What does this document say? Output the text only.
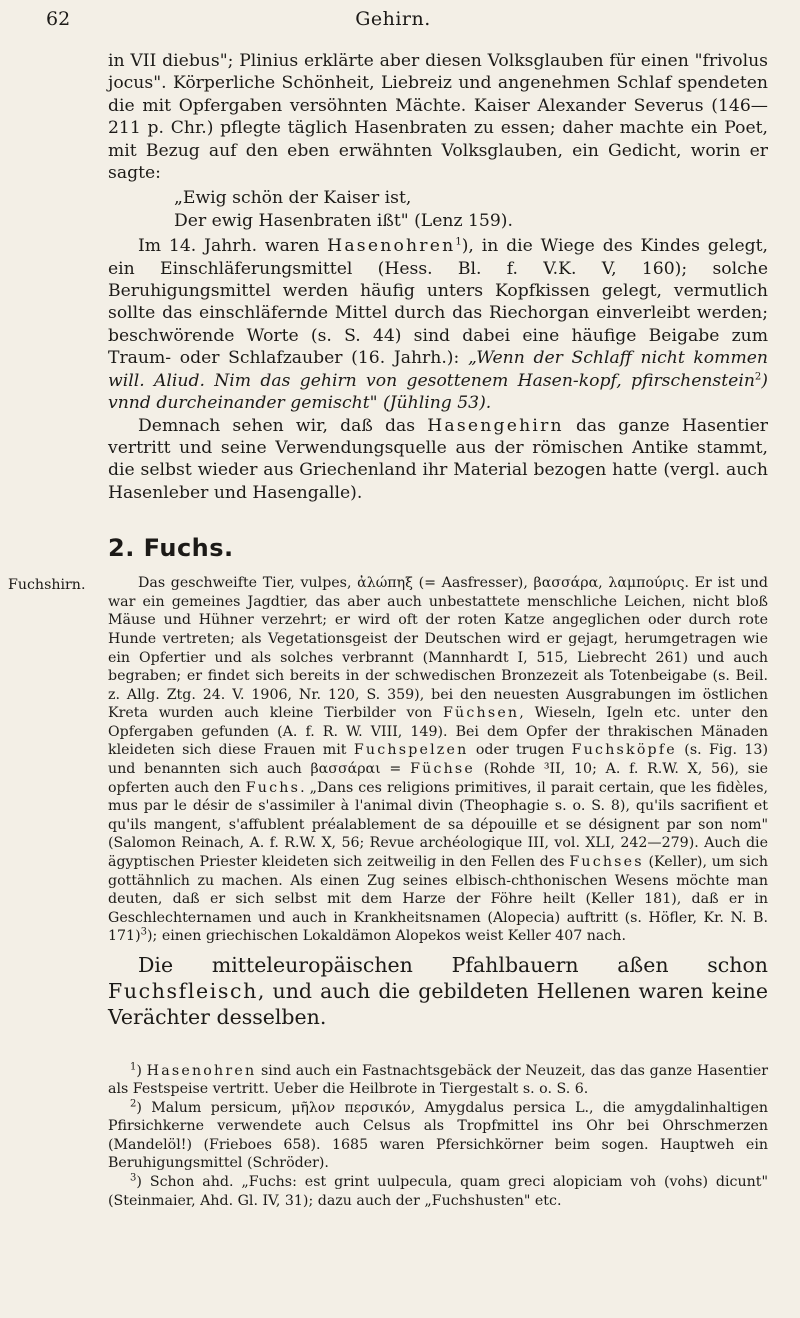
62	Gehirn.

in VII diebus"; Plinius erklärte aber diesen Volksglauben für einen "frivolus jocus". Körperliche Schönheit, Liebreiz und angenehmen Schlaf spendeten die mit Opfergaben versöhnten Mächte. Kaiser Alexander Severus (146—211 p. Chr.) pflegte täglich Hasenbraten zu essen; daher machte ein Poet, mit Bezug auf den eben erwähnten Volksglauben, ein Gedicht, worin er sagte:

„Ewig schön der Kaiser ist,
Der ewig Hasenbraten ißt" (Lenz 159).

Im 14. Jahrh. waren Hasenohren$^1$), in die Wiege des Kindes gelegt, ein Einschläferungsmittel (Hess. Bl. f. V.K. V, 160); solche Beruhigungsmittel werden häufig unters Kopfkissen gelegt, vermutlich sollte das einschläfernde Mittel durch das Riechorgan einverleibt werden; beschwörende Worte (s. S. 44) sind dabei eine häufige Beigabe zum Traum- oder Schlafzauber (16. Jahrh.): „Wenn der Schlaff nicht kommen will. Aliud. Nim das gehirn von gesottenem Hasen-kopf, pfirschenstein$^2$) vnnd durcheinander gemischt" (Jühling 53).

Demnach sehen wir, daß das Hasengehirn das ganze Hasentier vertritt und seine Verwendungsquelle aus der römischen Antike stammt, die selbst wieder aus Griechenland ihr Material bezogen hatte (vergl. auch Hasenleber und Hasengalle).

2. Fuchs.
Fuchshirn.	Das geschweifte Tier, vulpes, ἀλώπηξ (= Aasfresser), βασσάρα, λαμπούρις. Er ist und war ein gemeines Jagdtier, das aber auch unbestattete menschliche Leichen, nicht bloß Mäuse und Hühner verzehrt; er wird oft der roten Katze angeglichen oder durch rote Hunde vertreten; als Vegetationsgeist der Deutschen wird er gejagt, herumgetragen wie ein Opfertier und als solches verbrannt (Mannhardt I, 515, Liebrecht 261) und auch begraben; er findet sich bereits in der schwedischen Bronzezeit als Totenbeigabe (s. Beil. z. Allg. Ztg. 24. V. 1906, Nr. 120, S. 359), bei den neuesten Ausgrabungen im östlichen Kreta wurden auch kleine Tierbilder von Füchsen, Wieseln, Igeln etc. unter den Opfergaben gefunden (A. f. R. W. VIII, 149). Bei dem Opfer der thrakischen Mänaden kleideten sich diese Frauen mit Fuchspelzen oder trugen Fuchsköpfe (s. Fig. 13) und benannten sich auch βασσάραι = Füchse (Rohde ³II, 10; A. f. R.W. X, 56), sie opferten auch den Fuchs. „Dans ces religions primitives, il parait certain, que les fidèles, mus par le désir de s'assimiler à l'animal divin (Theophagie s. o. S. 8), qu'ils sacrifient et qu'ils mangent, s'affublent préalablement de sa dépouille et se désignent par son nom" (Salomon Reinach, A. f. R.W. X, 56; Revue archéologique III, vol. XLI, 242—279). Auch die ägyptischen Priester kleideten sich zeitweilig in den Fellen des Fuchses (Keller), um sich gottähnlich zu machen. Als einen Zug seines elbisch-chthonischen Wesens möchte man deuten, daß er sich selbst mit dem Harze der Föhre heilt (Keller 181), daß er in Geschlechternamen und auch in Krankheitsnamen (Alopecia) auftritt (s. Höfler, Kr. N. B. 171)$^3$); einen griechischen Lokaldämon Alopekos weist Keller 407 nach.

Die mitteleuropäischen Pfahlbauern aßen schon Fuchsfleisch, und auch die gebildeten Hellenen waren keine Verächter desselben.

$^1$) Hasenohren sind auch ein Fastnachtsgebäck der Neuzeit, das das ganze Hasentier als Festspeise vertritt. Ueber die Heilbrote in Tiergestalt s. o. S. 6.

$^2$) Malum persicum, μῆλον περσικόν, Amygdalus persica L., die amygdalinhaltigen Pfirsichkerne verwendete auch Celsus als Tropfmittel ins Ohr bei Ohrschmerzen (Mandelöl!) (Frieboes 658). 1685 waren Pfersichkörner beim sogen. Hauptweh ein Beruhigungsmittel (Schröder).

$^3$) Schon ahd. „Fuchs: est grint uulpecula, quam greci alopiciam voh (vohs) dicunt" (Steinmaier, Ahd. Gl. IV, 31); dazu auch der „Fuchshusten" etc.
